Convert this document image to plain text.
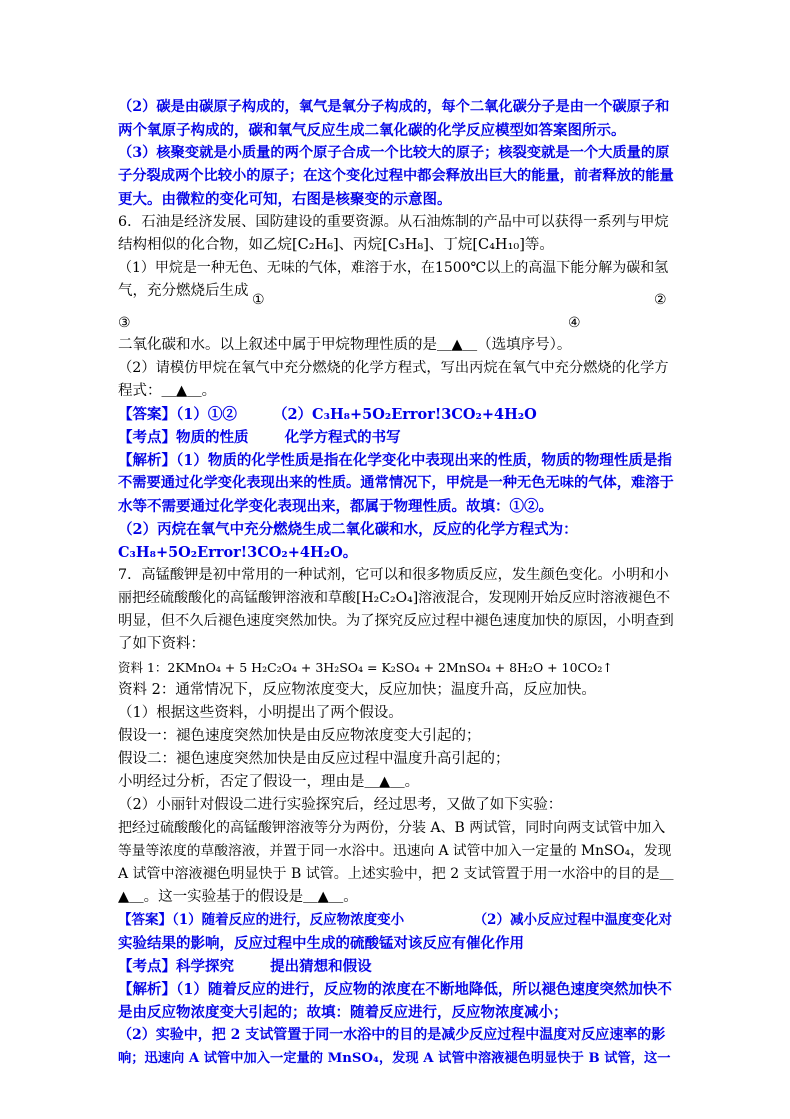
（2）碳是由碳原子构成的，氧气是氧分子构成的，每个二氧化碳分子是由一个碳原子和
两个氧原子构成的，碳和氧气反应生成二氧化碳的化学反应模型如答案图所示。
（3）核聚变就是小质量的两个原子合成一个比较大的原子；核裂变就是一个大质量的原
子分裂成两个比较小的原子；在这个变化过程中都会释放出巨大的能量，前者释放的能量
更大。由微粒的变化可知，右图是核聚变的示意图。
6．石油是经济发展、国防建设的重要资源。从石油炼制的产品中可以获得一系列与甲烷
结构相似的化合物，如乙烷[C₂H₆]、丙烷[C₃H₈]、丁烷[C₄H₁₀]等。
（1）甲烷是一种无色、无味的气体，难溶于水，在1500℃以上的高温下能分解为碳和氢
气，充分燃烧后生成
①	②
③	④
二氧化碳和水。以上叙述中属于甲烷物理性质的是＿▲＿（选填序号）。
（2）请模仿甲烷在氧气中充分燃烧的化学方程式，写出丙烷在氧气中充分燃烧的化学方
程式：＿▲＿。
【答案】（1）①② （2）C₃H₈+5O₂Error!3CO₂+4H₂O
【考点】物质的性质 化学方程式的书写
【解析】（1）物质的化学性质是指在化学变化中表现出来的性质，物质的物理性质是指
不需要通过化学变化表现出来的性质。通常情况下，甲烷是一种无色无味的气体，难溶于
水等不需要通过化学变化表现出来，都属于物理性质。故填：①②。
（2）丙烷在氧气中充分燃烧生成二氧化碳和水，反应的化学方程式为：
C₃H₈+5O₂Error!3CO₂+4H₂O。
7．高锰酸钾是初中常用的一种试剂，它可以和很多物质反应，发生颜色变化。小明和小
丽把经硫酸酸化的高锰酸钾溶液和草酸[H₂C₂O₄]溶液混合，发现刚开始反应时溶液褪色不
明显，但不久后褪色速度突然加快。为了探究反应过程中褪色速度加快的原因，小明查到
了如下资料：
资料 1：2KMnO₄ + 5 H₂C₂O₄ + 3H₂SO₄ = K₂SO₄ + 2MnSO₄ + 8H₂O + 10CO₂↑
资料 2：通常情况下，反应物浓度变大，反应加快；温度升高，反应加快。
（1）根据这些资料，小明提出了两个假设。
假设一：褪色速度突然加快是由反应物浓度变大引起的；
假设二：褪色速度突然加快是由反应过程中温度升高引起的；
小明经过分析，否定了假设一，理由是＿▲＿。
（2）小丽针对假设二进行实验探究后，经过思考，又做了如下实验：
把经过硫酸酸化的高锰酸钾溶液等分为两份，分装 A、B 两试管，同时向两支试管中加入
等量等浓度的草酸溶液，并置于同一水浴中。迅速向 A 试管中加入一定量的 MnSO₄，发现
A 试管中溶液褪色明显快于 B 试管。上述实验中，把 2 支试管置于用一水浴中的目的是＿
▲＿。这一实验基于的假设是＿▲＿。
【答案】（1）随着反应的进行，反应物浓度变小	（2）减小反应过程中温度变化对
实验结果的影响，反应过程中生成的硫酸锰对该反应有催化作用
【考点】科学探究 提出猜想和假设
【解析】（1）随着反应的进行，反应物的浓度在不断地降低，所以褪色速度突然加快不
是由反应物浓度变大引起的；故填：随着反应进行，反应物浓度减小；
（2）实验中，把 2 支试管置于同一水浴中的目的是减少反应过程中温度对反应速率的影
响；迅速向 A 试管中加入一定量的 MnSO₄，发现 A 试管中溶液褪色明显快于 B 试管，这一
